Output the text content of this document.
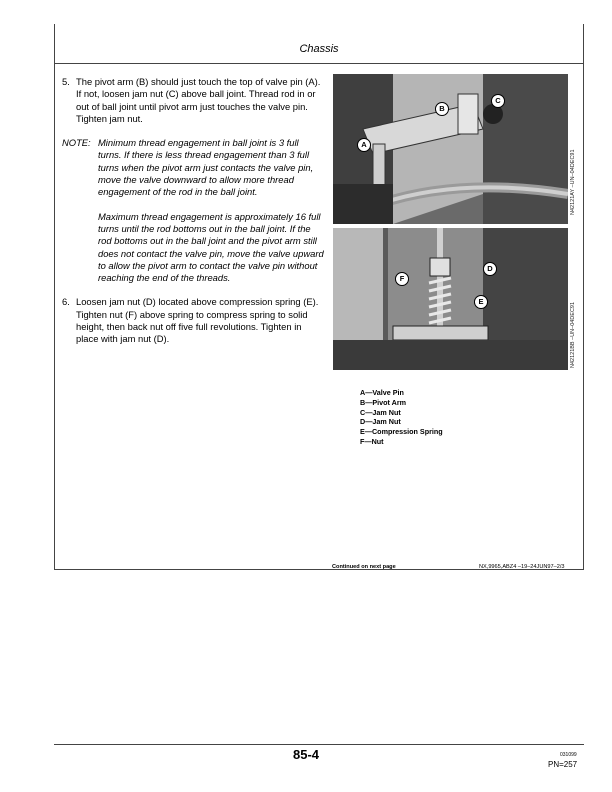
Chassis
5. The pivot arm (B) should just touch the top of valve pin (A). If not, loosen jam nut (C) above ball joint. Thread rod in or out of ball joint until pivot arm just touches the valve pin. Tighten jam nut.
NOTE: Minimum thread engagement in ball joint is 3 full turns. If there is less thread engagement than 3 full turns when the pivot arm just contacts the valve pin, move the valve downward to allow more thread engagement of the rod in the ball joint.

Maximum thread engagement is approximately 16 full turns until the rod bottoms out in the ball joint. If the rod bottoms out in the ball joint and the pivot arm still does not contact the valve pin, move the valve upward to allow the pivot arm to contact the valve pin without reaching the end of the threads.

6. Loosen jam nut (D) located above compression spring (E). Tighten nut (F) above spring to compress spring to solid height, then back nut off five full revolutions. Tighten in place with jam nut (D).
A
B
C
N42121AY –UN–04DEC91
F
D
E
N42121BB –UN–04DEC91
A—Valve Pin
B—Pivot Arm
C—Jam Nut
D—Jam Nut
E—Compression Spring
F—Nut
Continued on next page	NX,9965,ABZ4 –19–24JUN97–2/3
85-4	031099
PN=257
